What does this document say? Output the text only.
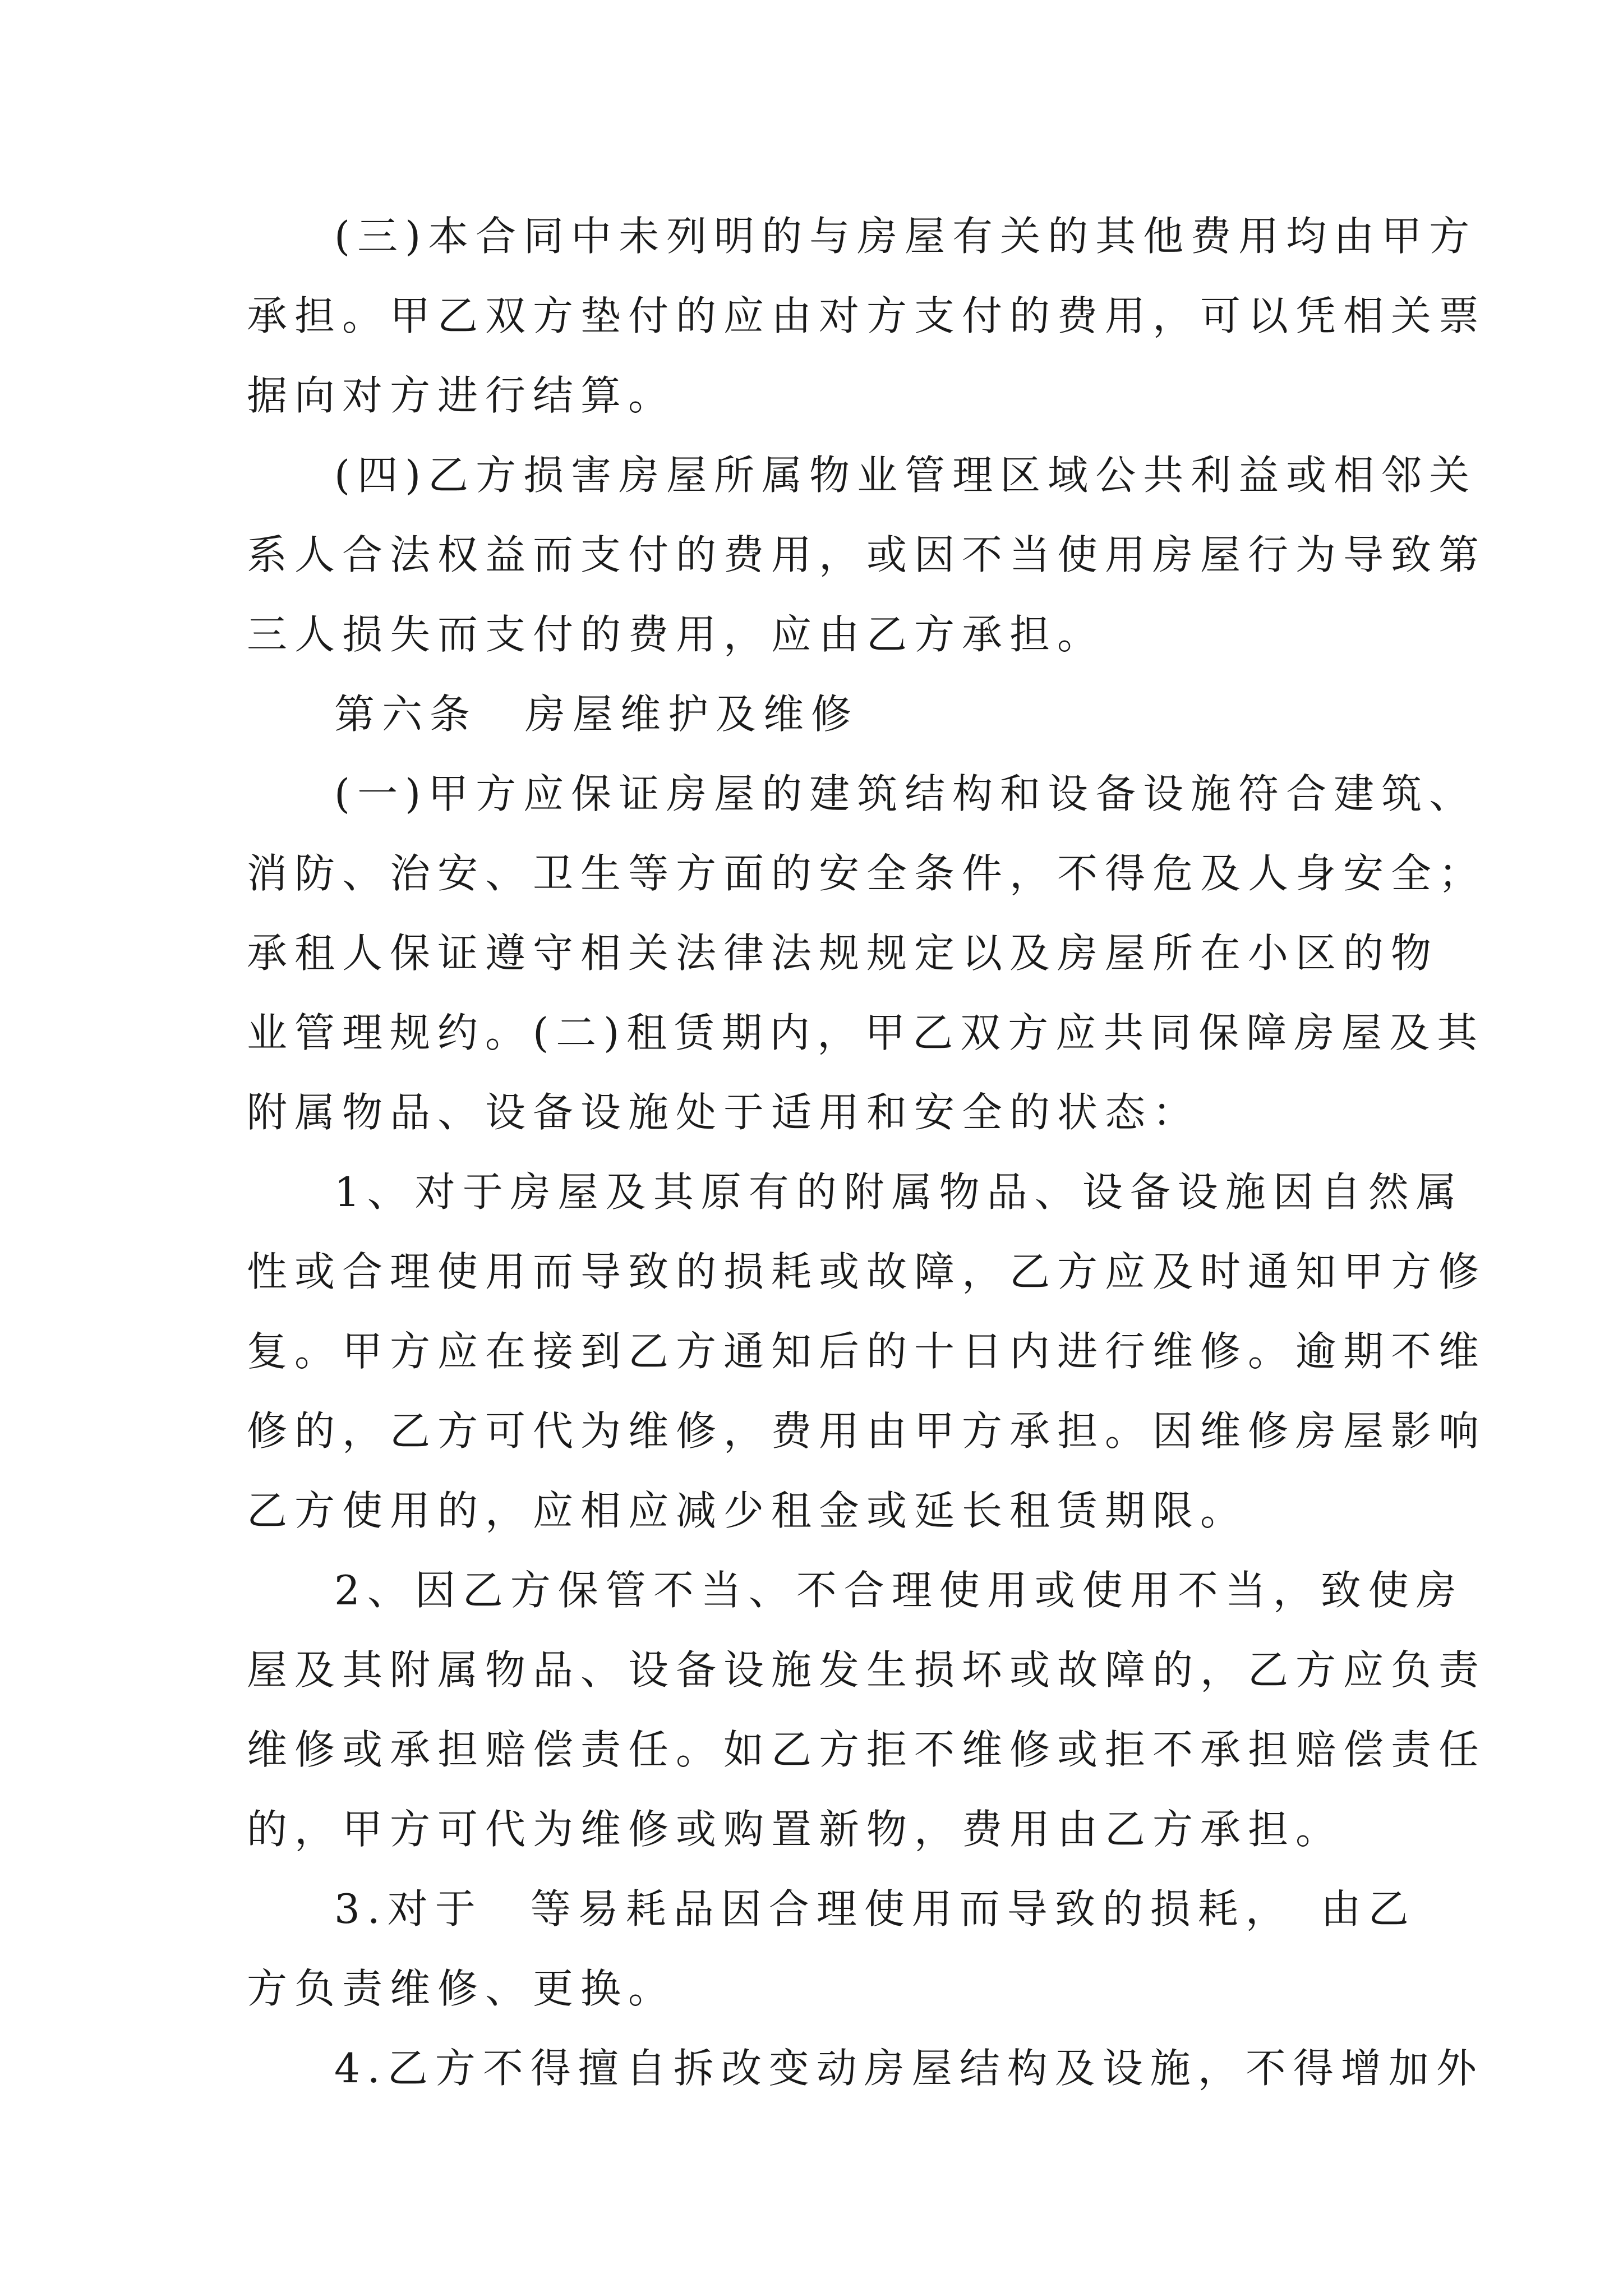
(三)本合同中未列明的与房屋有关的其他费用均由甲方
承担。甲乙双方垫付的应由对方支付的费用，可以凭相关票
据向对方进行结算。
(四)乙方损害房屋所属物业管理区域公共利益或相邻关
系人合法权益而支付的费用，或因不当使用房屋行为导致第
三人损失而支付的费用，应由乙方承担。
第六条　房屋维护及维修
(一)甲方应保证房屋的建筑结构和设备设施符合建筑、
消防、治安、卫生等方面的安全条件，不得危及人身安全；
承租人保证遵守相关法律法规规定以及房屋所在小区的物
业管理规约。(二)租赁期内，甲乙双方应共同保障房屋及其
附属物品、设备设施处于适用和安全的状态：
1、对于房屋及其原有的附属物品、设备设施因自然属
性或合理使用而导致的损耗或故障，乙方应及时通知甲方修
复。甲方应在接到乙方通知后的十日内进行维修。逾期不维
修的，乙方可代为维修，费用由甲方承担。因维修房屋影响
乙方使用的，应相应减少租金或延长租赁期限。
2、因乙方保管不当、不合理使用或使用不当，致使房
屋及其附属物品、设备设施发生损坏或故障的，乙方应负责
维修或承担赔偿责任。如乙方拒不维修或拒不承担赔偿责任
的，甲方可代为维修或购置新物，费用由乙方承担。
3.对于　等易耗品因合理使用而导致的损耗，　由乙
方负责维修、更换。
4.乙方不得擅自拆改变动房屋结构及设施，不得增加外
